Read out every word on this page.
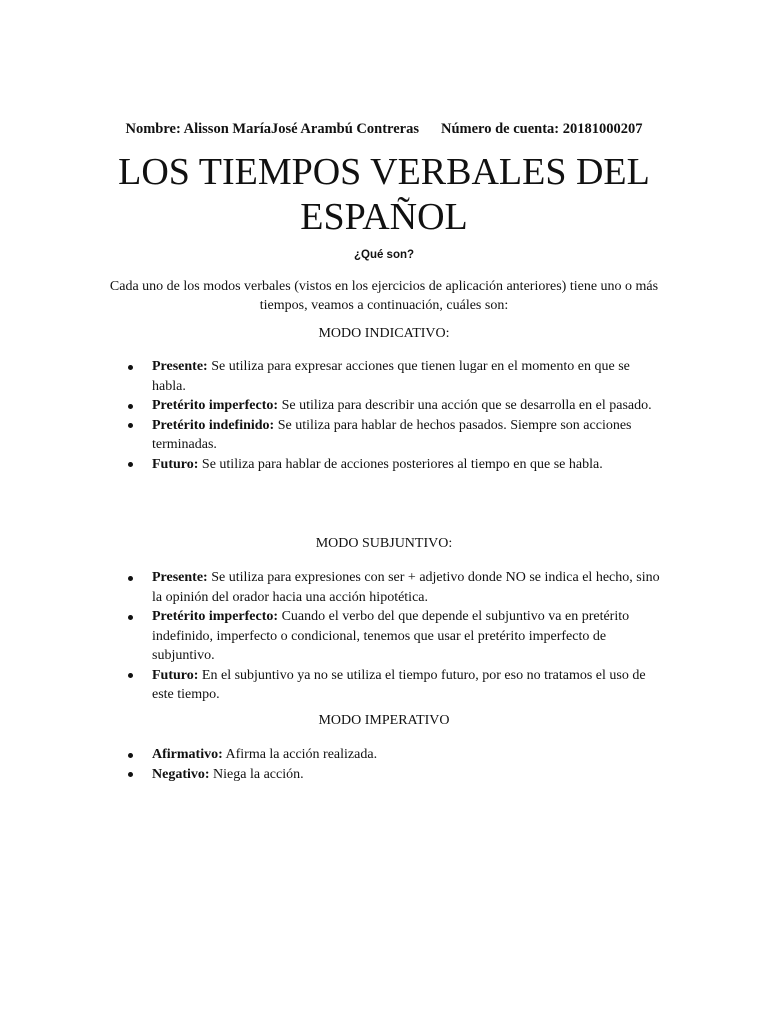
Nombre: Alisson MaríaJosé Arambú Contreras Número de cuenta: 20181000207
LOS TIEMPOS VERBALES DEL ESPAÑOL
¿Qué son?

Cada uno de los modos verbales (vistos en los ejercicios de aplicación anteriores) tiene uno o más tiempos, veamos a continuación, cuáles son:

MODO INDICATIVO:
Presente: Se utiliza para expresar acciones que tienen lugar en el momento en que se habla.
Pretérito imperfecto: Se utiliza para describir una acción que se desarrolla en el pasado.
Pretérito indefinido: Se utiliza para hablar de hechos pasados. Siempre son acciones terminadas.
Futuro: Se utiliza para hablar de acciones posteriores al tiempo en que se habla.
MODO SUBJUNTIVO:
Presente: Se utiliza para expresiones con ser + adjetivo donde NO se indica el hecho, sino la opinión del orador hacia una acción hipotética.
Pretérito imperfecto: Cuando el verbo del que depende el subjuntivo va en pretérito indefinido, imperfecto o condicional, tenemos que usar el pretérito imperfecto de subjuntivo.
Futuro: En el subjuntivo ya no se utiliza el tiempo futuro, por eso no tratamos el uso de este tiempo.
MODO IMPERATIVO
Afirmativo: Afirma la acción realizada.
Negativo: Niega la acción.
